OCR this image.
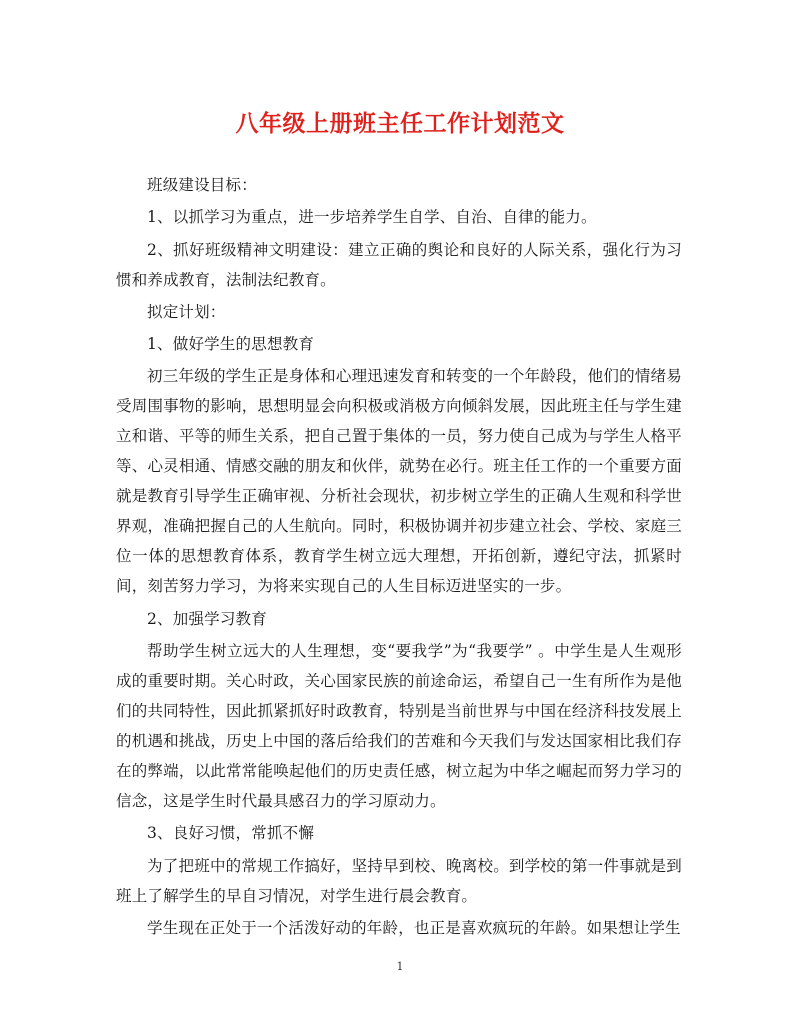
八年级上册班主任工作计划范文

班级建设目标：

1、以抓学习为重点，进一步培养学生自学、自治、自律的能力。

2、抓好班级精神文明建设：建立正确的舆论和良好的人际关系，强化行为习惯和养成教育，法制法纪教育。

拟定计划：

1、做好学生的思想教育

初三年级的学生正是身体和心理迅速发育和转变的一个年龄段，他们的情绪易受周围事物的影响，思想明显会向积极或消极方向倾斜发展，因此班主任与学生建立和谐、平等的师生关系，把自己置于集体的一员，努力使自己成为与学生人格平等、心灵相通、情感交融的朋友和伙伴，就势在必行。班主任工作的一个重要方面就是教育引导学生正确审视、分析社会现状，初步树立学生的正确人生观和科学世界观，准确把握自己的人生航向。同时，积极协调并初步建立社会、学校、家庭三位一体的思想教育体系，教育学生树立远大理想，开拓创新，遵纪守法，抓紧时间，刻苦努力学习，为将来实现自己的人生目标迈进坚实的一步。

2、加强学习教育

帮助学生树立远大的人生理想，变“要我学”为“我要学” 。中学生是人生观形成的重要时期。关心时政，关心国家民族的前途命运，希望自己一生有所作为是他们的共同特性，因此抓紧抓好时政教育，特别是当前世界与中国在经济科技发展上的机遇和挑战，历史上中国的落后给我们的苦难和今天我们与发达国家相比我们存在的弊端，以此常常能唤起他们的历史责任感，树立起为中华之崛起而努力学习的信念，这是学生时代最具感召力的学习原动力。

3、良好习惯，常抓不懈

为了把班中的常规工作搞好，坚持早到校、晚离校。到学校的第一件事就是到班上了解学生的早自习情况，对学生进行晨会教育。

学生现在正处于一个活泼好动的年龄，也正是喜欢疯玩的年龄。如果想让学生

1
